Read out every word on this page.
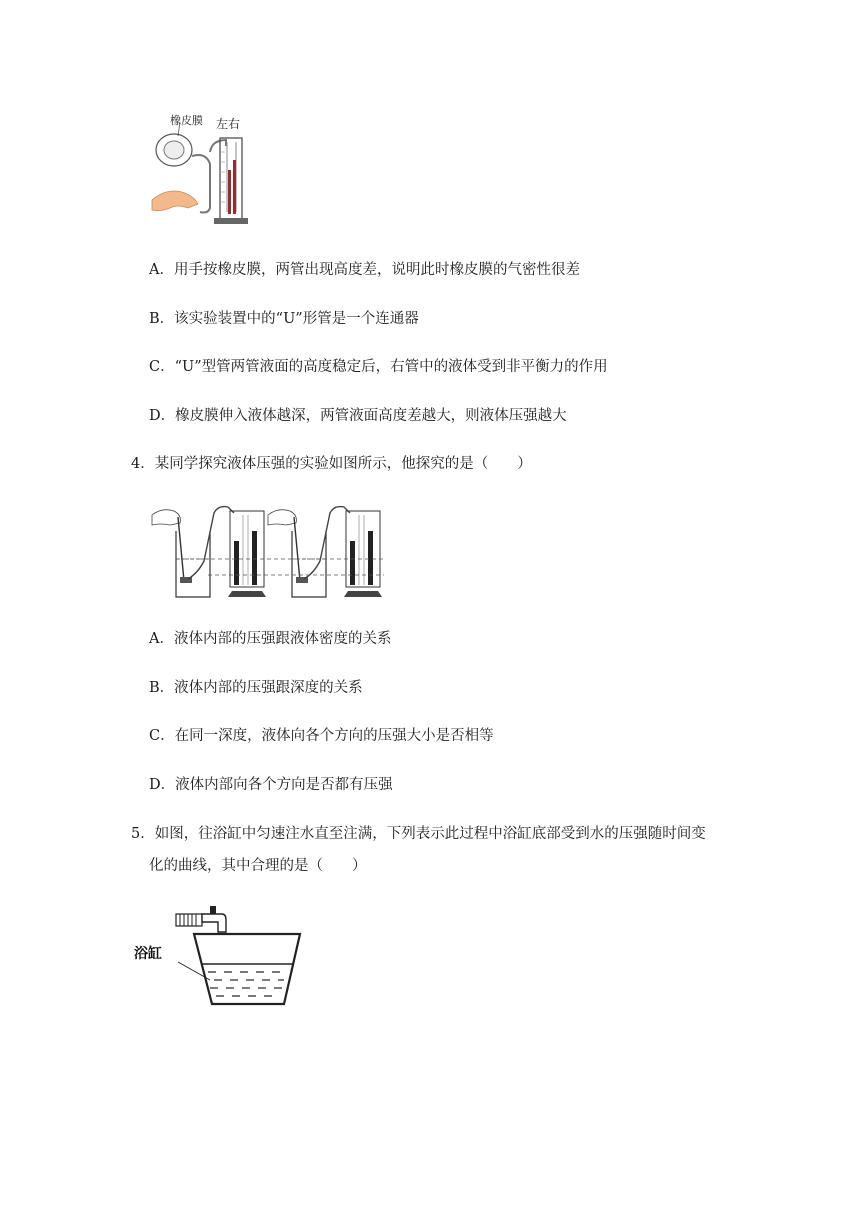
橡皮膜 左右
A．用手按橡皮膜，两管出现高度差，说明此时橡皮膜的气密性很差
B．该实验装置中的“U”形管是一个连通器
C．“U”型管两管液面的高度稳定后，右管中的液体受到非平衡力的作用
D．橡皮膜伸入液体越深，两管液面高度差越大，则液体压强越大
4．某同学探究液体压强的实验如图所示，他探究的是（　　）
A．液体内部的压强跟液体密度的关系
B．液体内部的压强跟深度的关系
C．在同一深度，液体向各个方向的压强大小是否相等
D．液体内部向各个方向是否都有压强
5．如图，往浴缸中匀速注水直至注满，下列表示此过程中浴缸底部受到水的压强随时间变
化的曲线，其中合理的是（　　）
浴缸
